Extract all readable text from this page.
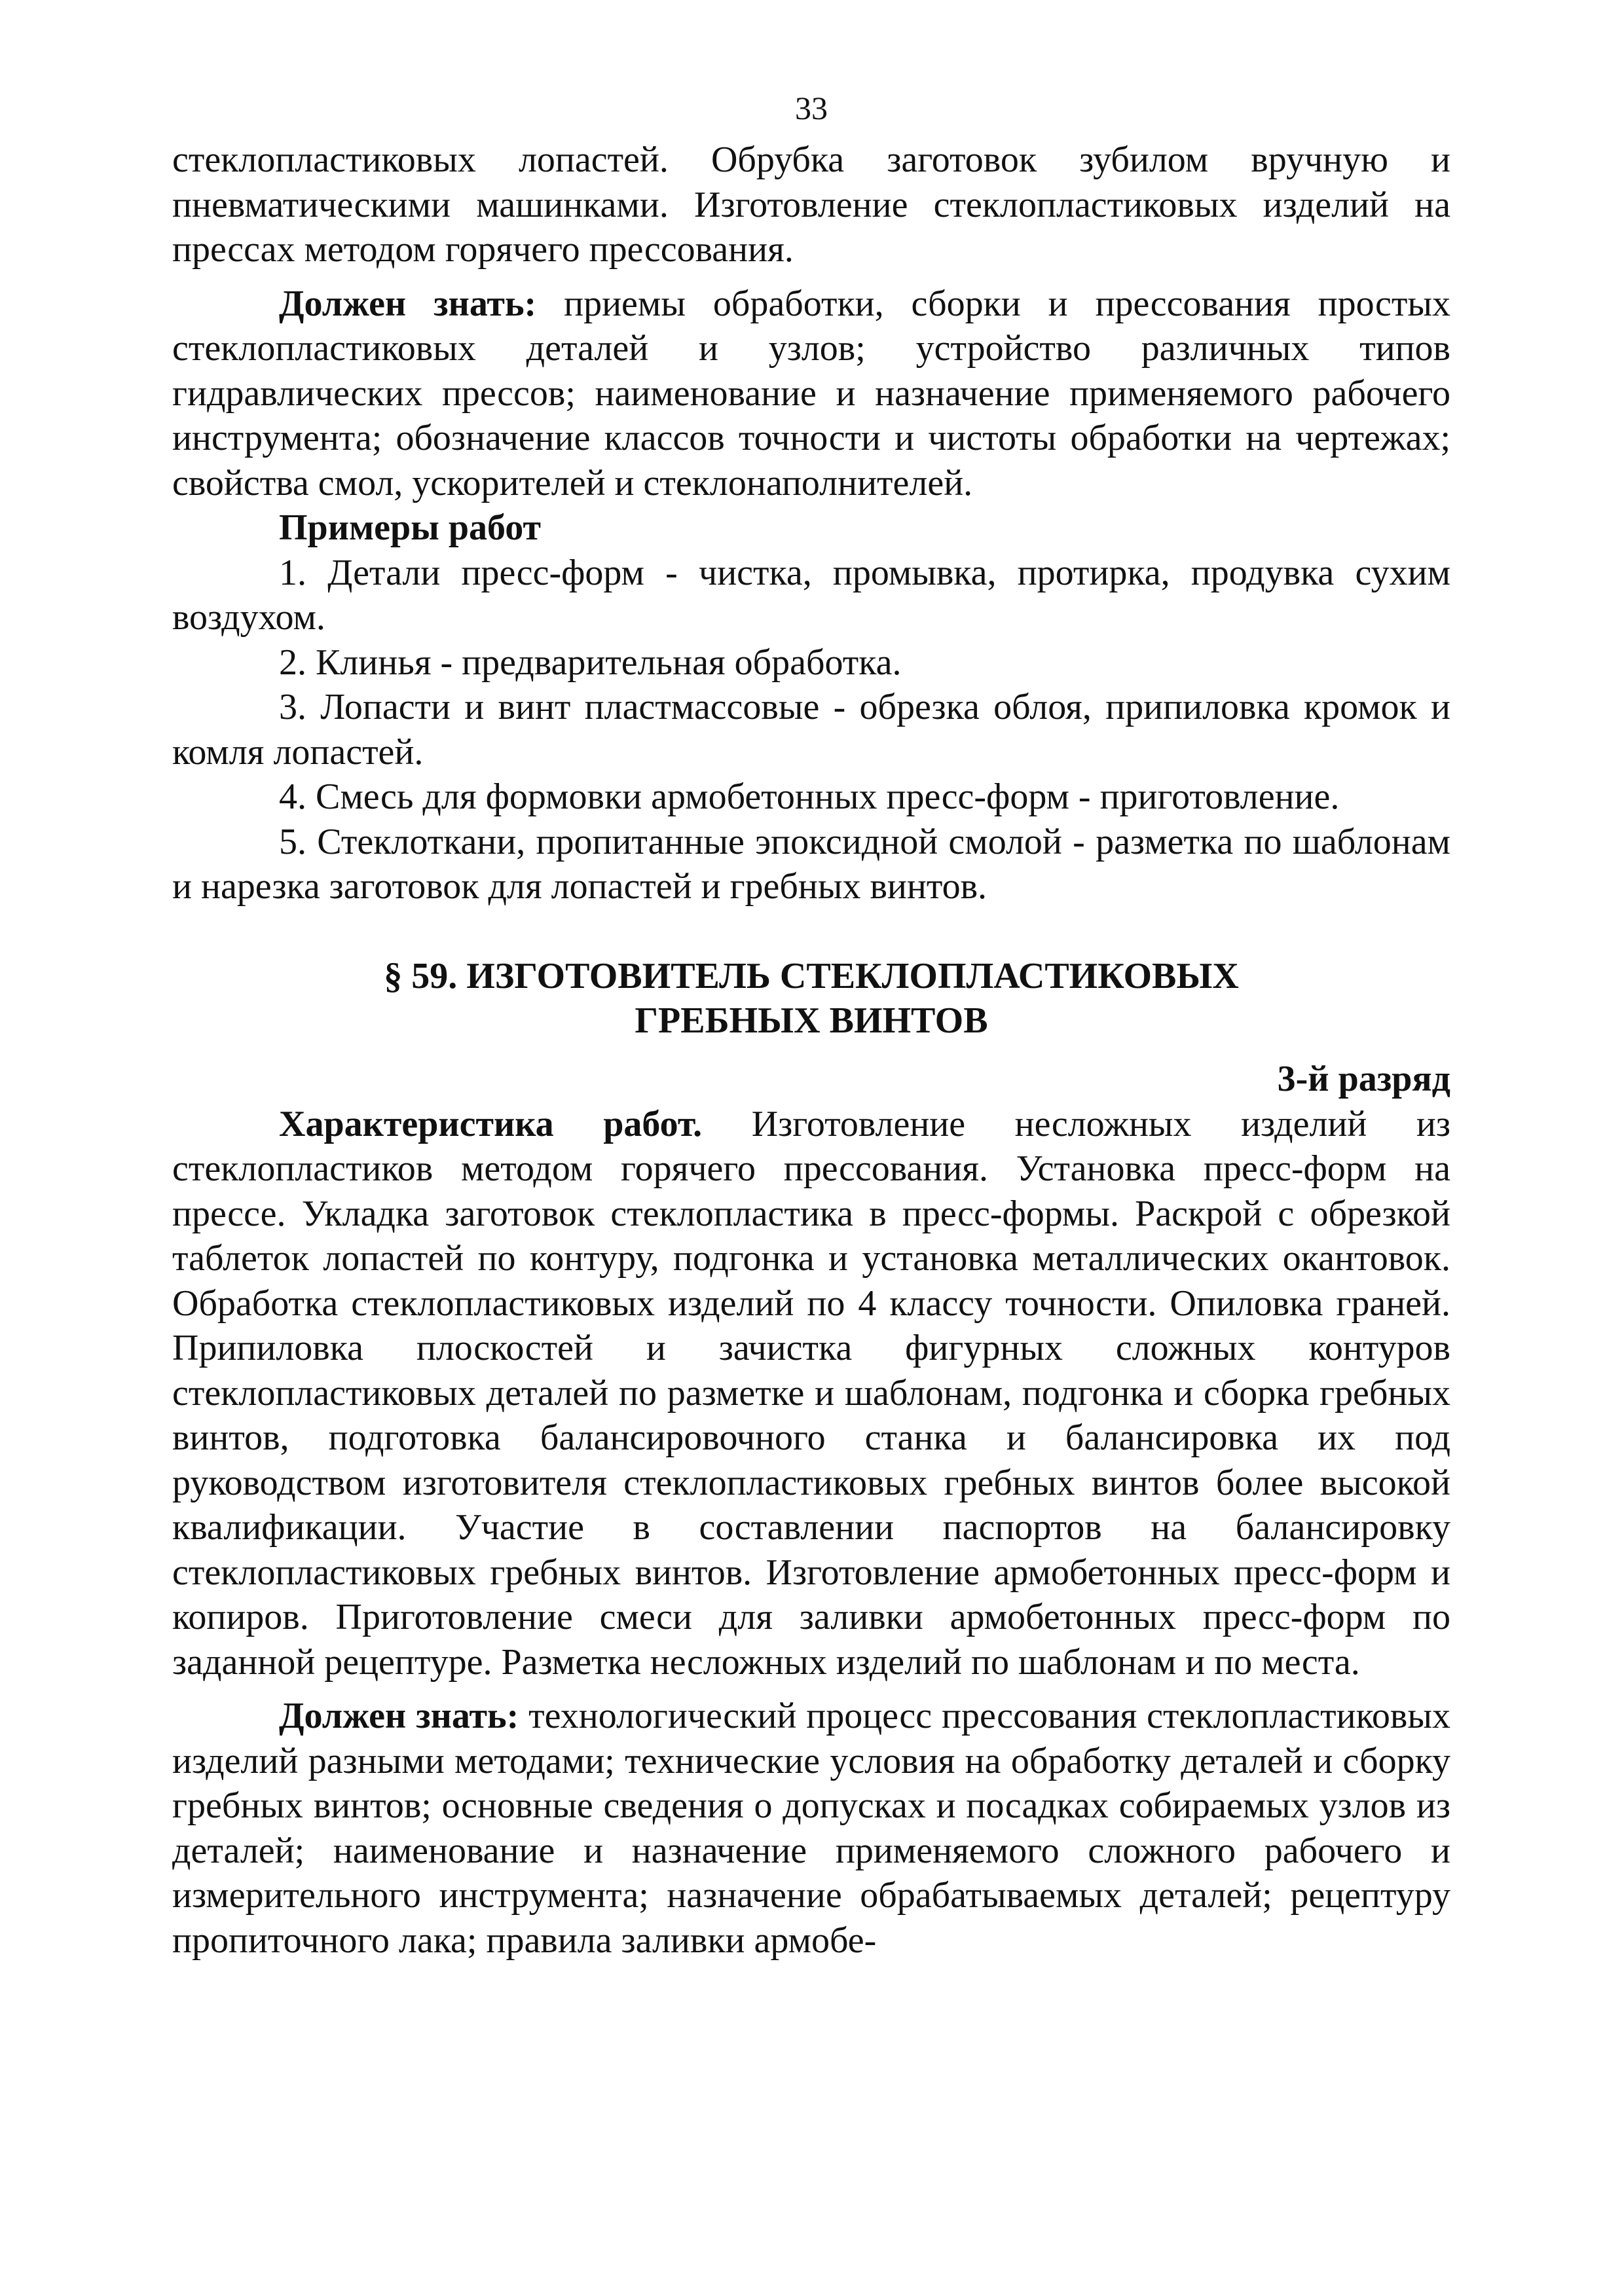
33

стеклопластиковых лопастей. Обрубка заготовок зубилом вручную и пневматическими машинками. Изготовление стеклопластиковых изделий на прессах методом горячего прессования.

Должен знать: приемы обработки, сборки и прессования простых стеклопластиковых деталей и узлов; устройство различных типов гидравлических прессов; наименование и назначение применяемого рабочего инструмента; обозначение классов точности и чистоты обработки на чертежах; свойства смол, ускорителей и стеклонаполнителей.

Примеры работ

1. Детали пресс-форм - чистка, промывка, протирка, продувка сухим воздухом.

2. Клинья - предварительная обработка.

3. Лопасти и винт пластмассовые - обрезка облоя, припиловка кромок и комля лопастей.

4. Смесь для формовки армобетонных пресс-форм - приготовление.

5. Стеклоткани, пропитанные эпоксидной смолой - разметка по шаблонам и нарезка заготовок для лопастей и гребных винтов.

§ 59. ИЗГОТОВИТЕЛЬ СТЕКЛОПЛАСТИКОВЫХ
ГРЕБНЫХ ВИНТОВ

3-й разряд

Характеристика работ. Изготовление несложных изделий из стеклопластиков методом горячего прессования. Установка пресс-форм на прессе. Укладка заготовок стеклопластика в пресс-формы. Раскрой с обрезкой таблеток лопастей по контуру, подгонка и установка металлических окантовок. Обработка стеклопластиковых изделий по 4 классу точности. Опиловка граней. Припиловка плоскостей и зачистка фигурных сложных контуров стеклопластиковых деталей по разметке и шаблонам, подгонка и сборка гребных винтов, подготовка балансировочного станка и балансировка их под руководством изготовителя стеклопластиковых гребных винтов более высокой квалификации. Участие в составлении паспортов на балансировку стеклопластиковых гребных винтов. Изготовление армобетонных пресс-форм и копиров. Приготовление смеси для заливки армобетонных пресс-форм по заданной рецептуре. Разметка несложных изделий по шаблонам и по места.

Должен знать: технологический процесс прессования стеклопластиковых изделий разными методами; технические условия на обработку деталей и сборку гребных винтов; основные сведения о допусках и посадках собираемых узлов из деталей; наименование и назначение применяемого сложного рабочего и измерительного инструмента; назначение обрабатываемых деталей; рецептуру пропиточного лака; правила заливки армобе-
